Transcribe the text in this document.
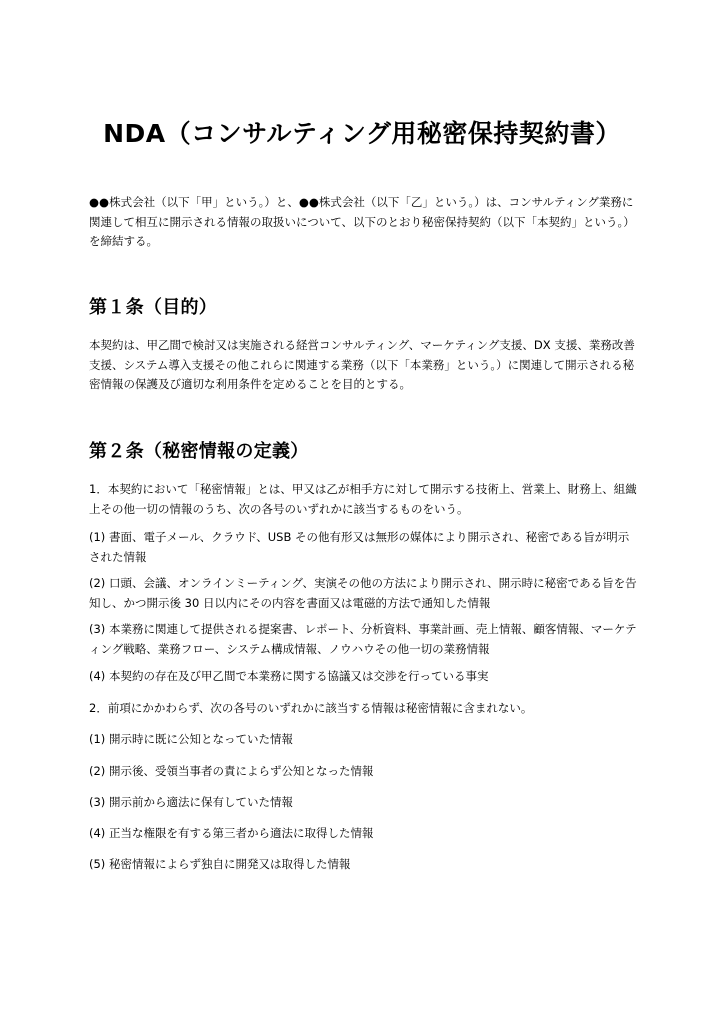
NDA（コンサルティング用秘密保持契約書）

●●株式会社（以下「甲」という。）と、●●株式会社（以下「乙」という。）は、コンサルティング業務に関連して相互に開示される情報の取扱いについて、以下のとおり秘密保持契約（以下「本契約」という。）を締結する。

第１条（目的）

本契約は、甲乙間で検討又は実施される経営コンサルティング、マーケティング支援、DX 支援、業務改善支援、システム導入支援その他これらに関連する業務（以下「本業務」という。）に関連して開示される秘密情報の保護及び適切な利用条件を定めることを目的とする。

第２条（秘密情報の定義）

1．本契約において「秘密情報」とは、甲又は乙が相手方に対して開示する技術上、営業上、財務上、組織上その他一切の情報のうち、次の各号のいずれかに該当するものをいう。

(1) 書面、電子メール、クラウド、USB その他有形又は無形の媒体により開示され、秘密である旨が明示された情報

(2) 口頭、会議、オンラインミーティング、実演その他の方法により開示され、開示時に秘密である旨を告知し、かつ開示後 30 日以内にその内容を書面又は電磁的方法で通知した情報

(3) 本業務に関連して提供される提案書、レポート、分析資料、事業計画、売上情報、顧客情報、マーケティング戦略、業務フロー、システム構成情報、ノウハウその他一切の業務情報

(4) 本契約の存在及び甲乙間で本業務に関する協議又は交渉を行っている事実

2．前項にかかわらず、次の各号のいずれかに該当する情報は秘密情報に含まれない。

(1) 開示時に既に公知となっていた情報

(2) 開示後、受領当事者の責によらず公知となった情報

(3) 開示前から適法に保有していた情報

(4) 正当な権限を有する第三者から適法に取得した情報

(5) 秘密情報によらず独自に開発又は取得した情報
